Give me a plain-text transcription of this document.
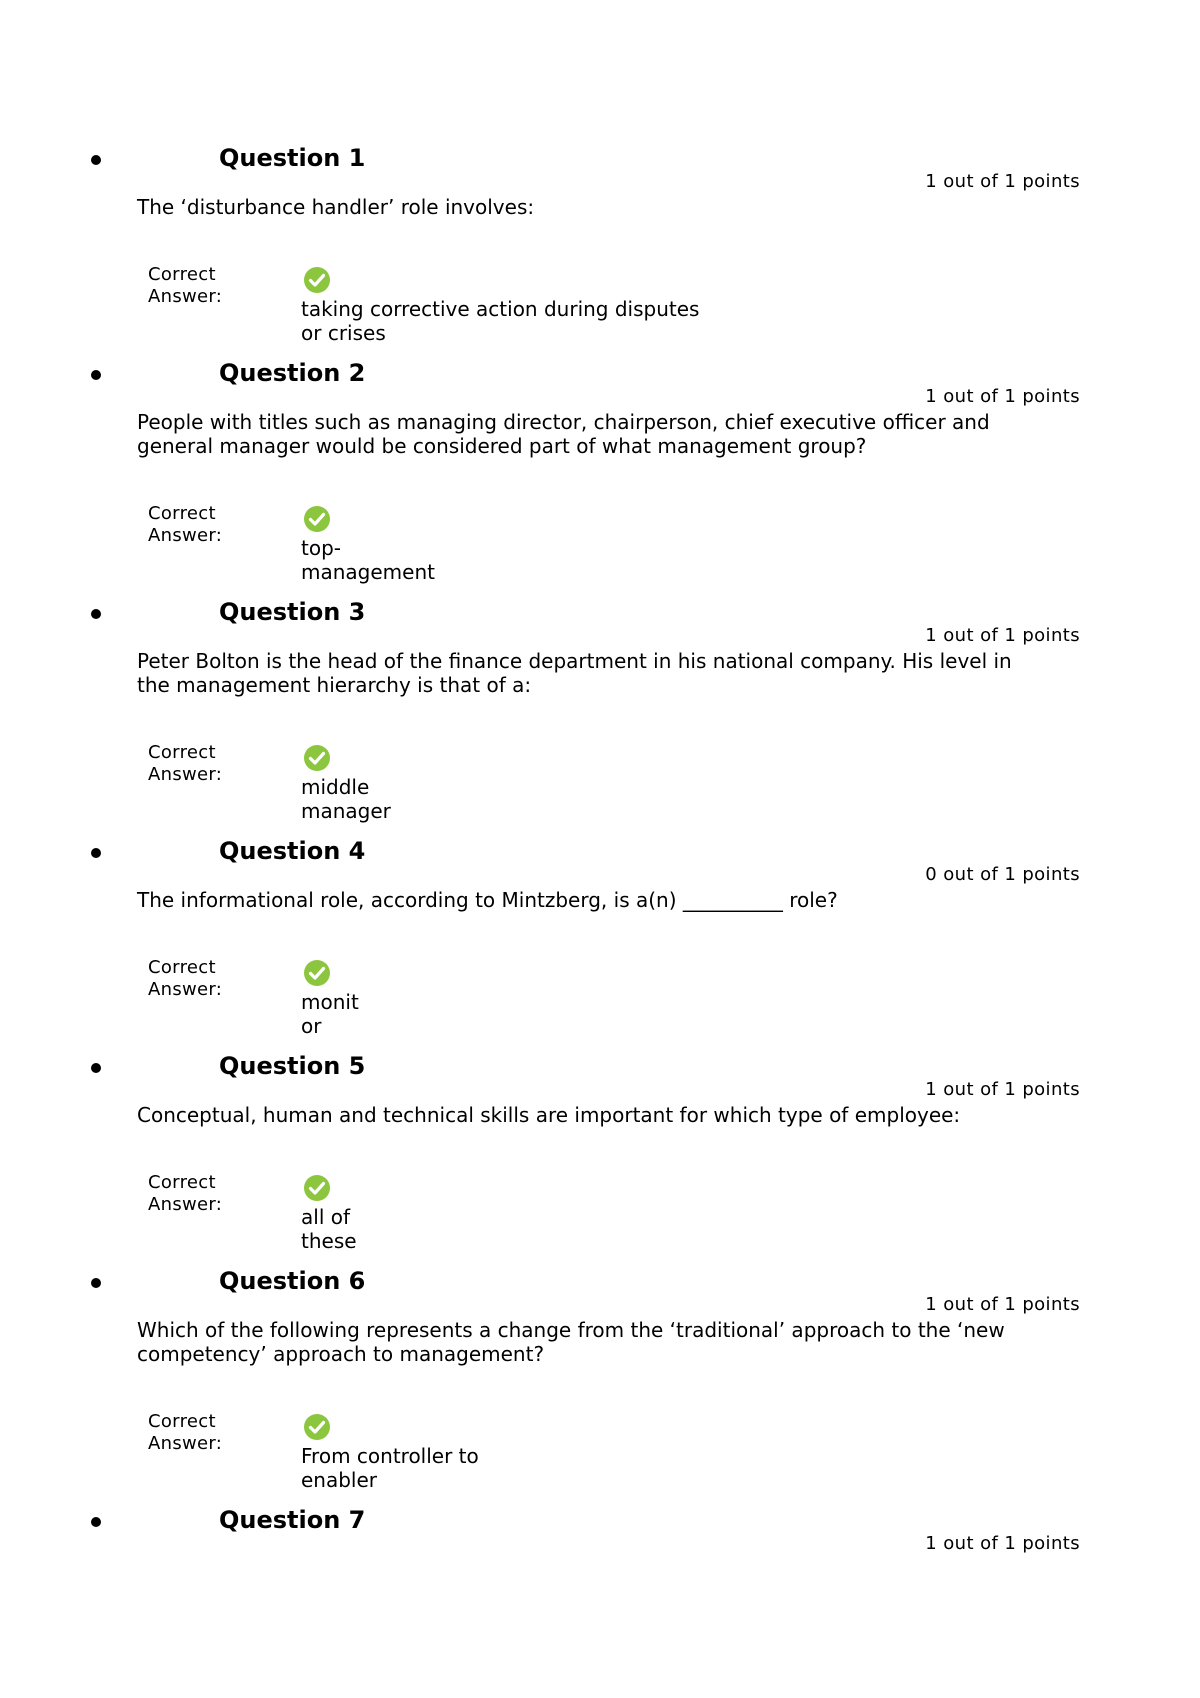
Question 1
1 out of 1 points
The ‘disturbance handler’ role involves:
Correct
Answer:
taking corrective action during disputes
or crises
Question 2
1 out of 1 points
People with titles such as managing director, chairperson, chief executive officer and general manager would be considered part of what management group?
Correct
Answer:
top-
management
Question 3
1 out of 1 points
Peter Bolton is the head of the finance department in his national company. His level in the management hierarchy is that of a:
Correct
Answer:
middle
manager
Question 4
0 out of 1 points
The informational role, according to Mintzberg, is a(n) __________ role?
Correct
Answer:
monit
or
Question 5
1 out of 1 points
Conceptual, human and technical skills are important for which type of employee:
Correct
Answer:
all of
these
Question 6
1 out of 1 points
Which of the following represents a change from the ‘traditional’ approach to the ‘new competency’ approach to management?
Correct
Answer:
From controller to
enabler
Question 7
1 out of 1 points
